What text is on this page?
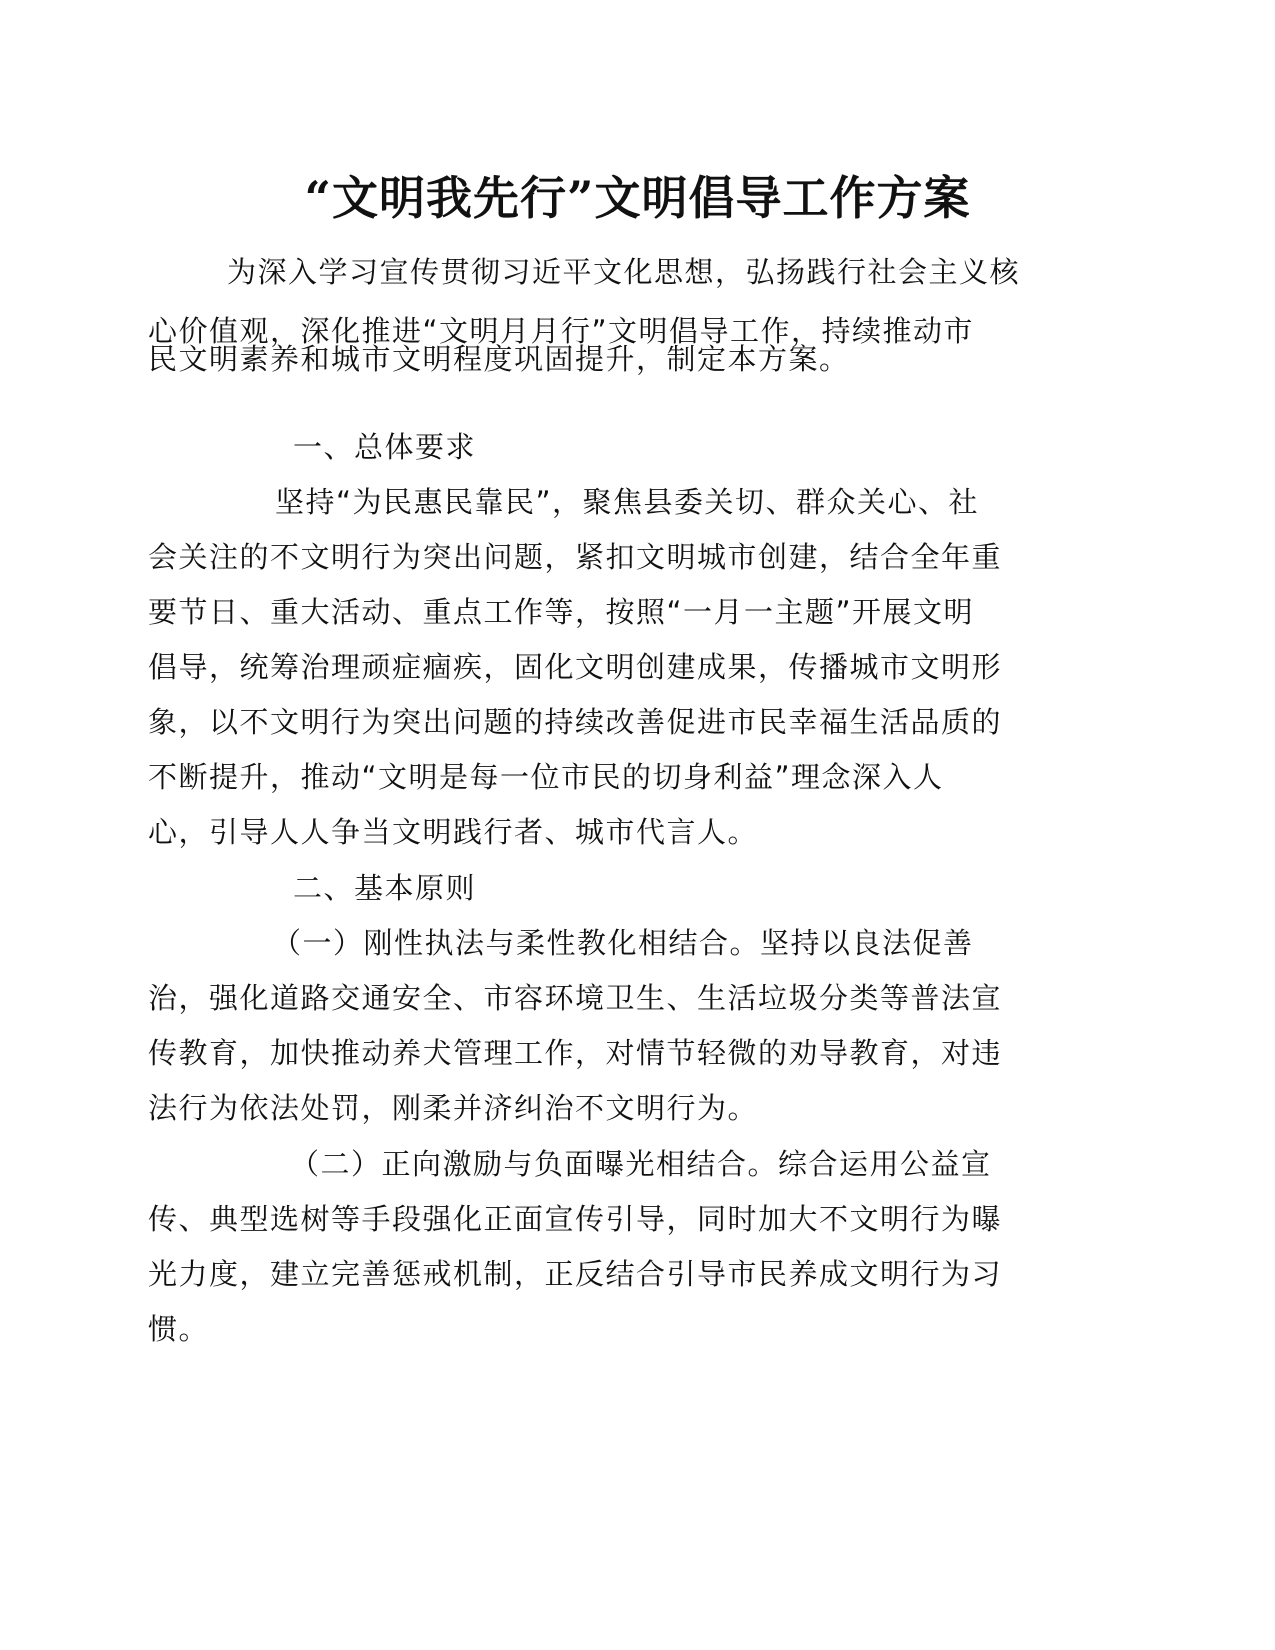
“文明我先行”文明倡导工作方案

为深入学习宣传贯彻习近平文化思想，弘扬践行社会主义核

心价值观，深化推进“文明月月行”文明倡导工作，持续推动市

民文明素养和城市文明程度巩固提升，制定本方案。

一、总体要求

坚持“为民惠民靠民”，聚焦县委关切、群众关心、社

会关注的不文明行为突出问题，紧扣文明城市创建，结合全年重

要节日、重大活动、重点工作等，按照“一月一主题”开展文明

倡导，统筹治理顽症痼疾，固化文明创建成果，传播城市文明形

象，以不文明行为突出问题的持续改善促进市民幸福生活品质的

不断提升，推动“文明是每一位市民的切身利益”理念深入人

心，引导人人争当文明践行者、城市代言人。

二、基本原则

（一）刚性执法与柔性教化相结合。坚持以良法促善

治，强化道路交通安全、市容环境卫生、生活垃圾分类等普法宣

传教育，加快推动养犬管理工作，对情节轻微的劝导教育，对违

法行为依法处罚，刚柔并济纠治不文明行为。

（二）正向激励与负面曝光相结合。综合运用公益宣

传、典型选树等手段强化正面宣传引导，同时加大不文明行为曝

光力度，建立完善惩戒机制，正反结合引导市民养成文明行为习

惯。
